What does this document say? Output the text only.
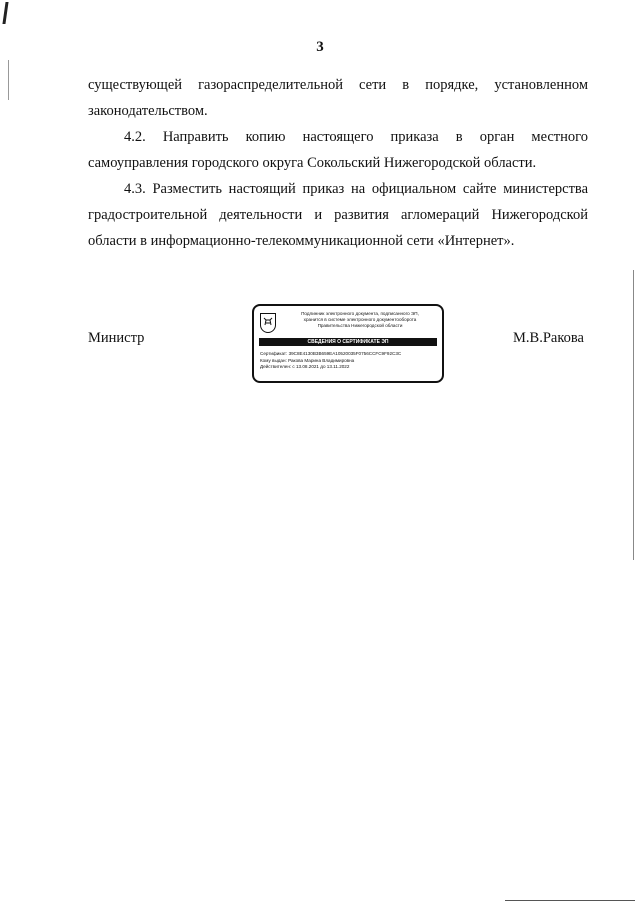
3
существующей газораспределительной сети в порядке, установленном
законодательством.
4.2. Направить копию настоящего приказа в орган местного
самоуправления городского округа Сокольский Нижегородской области.
4.3. Разместить настоящий приказ на официальном сайте министерства
градостроительной деятельности и развития агломераций Нижегородской
области в информационно-телекоммуникационной сети «Интернет».
Министр
Подлинник электронного документа, подписанного ЭП,
хранится в системе электронного документооборота
Правительства Нижегородской области
СВЕДЕНИЯ О СЕРТИФИКАТЕ ЭП
Сертификат: 39C8E4130B3B659EA10520035F0756CCFC9F92C3C
Кому выдан: Ракова Марина Владимировна
Действителен: с 13.08.2021 до 13.11.2022
М.В.Ракова
